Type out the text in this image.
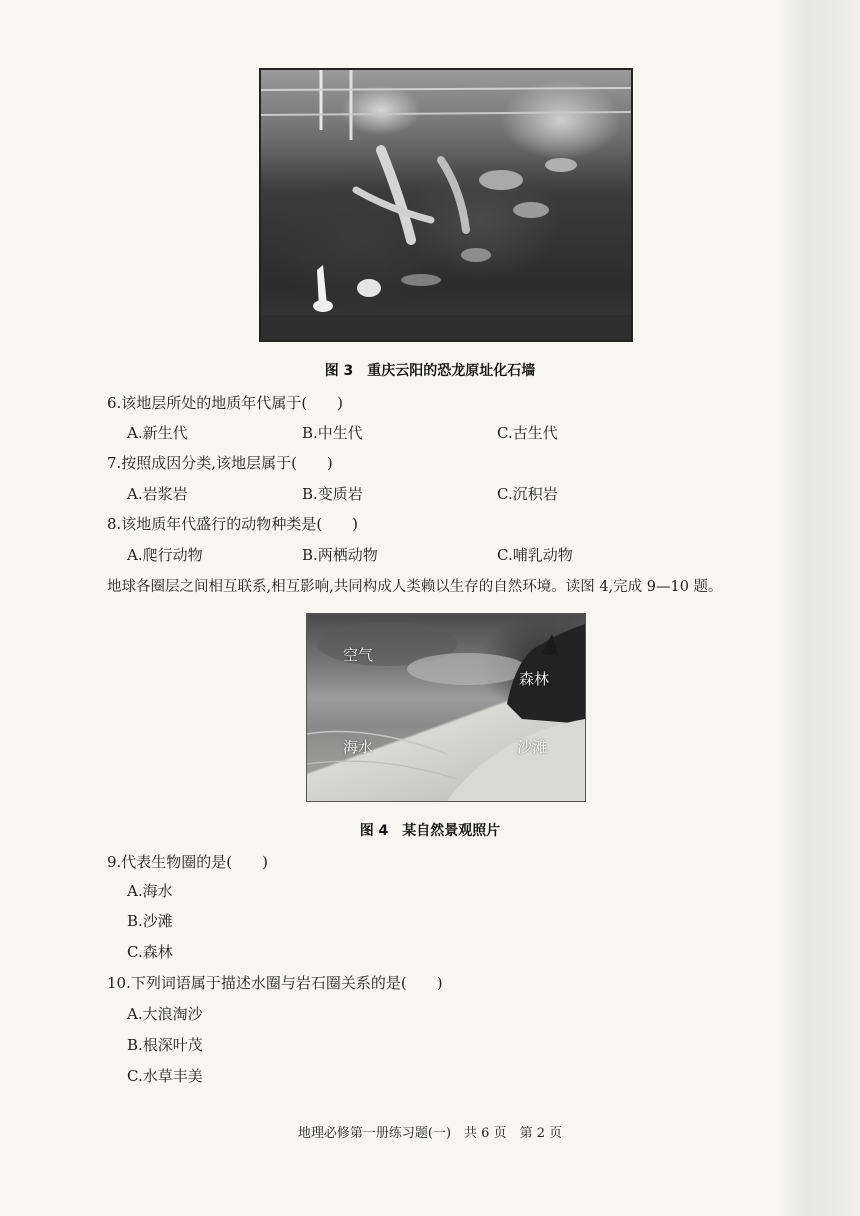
图 3　重庆云阳的恐龙原址化石墙
6.该地层所处的地质年代属于(　　)
A.新生代	B.中生代	C.古生代
7.按照成因分类,该地层属于(　　)
A.岩浆岩	B.变质岩	C.沉积岩
8.该地质年代盛行的动物种类是(　　)
A.爬行动物	B.两栖动物	C.哺乳动物
地球各圈层之间相互联系,相互影响,共同构成人类赖以生存的自然环境。读图 4,完成 9—10 题。
空气
森林
海水	沙滩
图 4　某自然景观照片
9.代表生物圈的是(　　)
A.海水
B.沙滩
C.森林
10.下列词语属于描述水圈与岩石圈关系的是(　　)
A.大浪淘沙
B.根深叶茂
C.水草丰美
地理必修第一册练习题(一)　共 6 页　第 2 页
